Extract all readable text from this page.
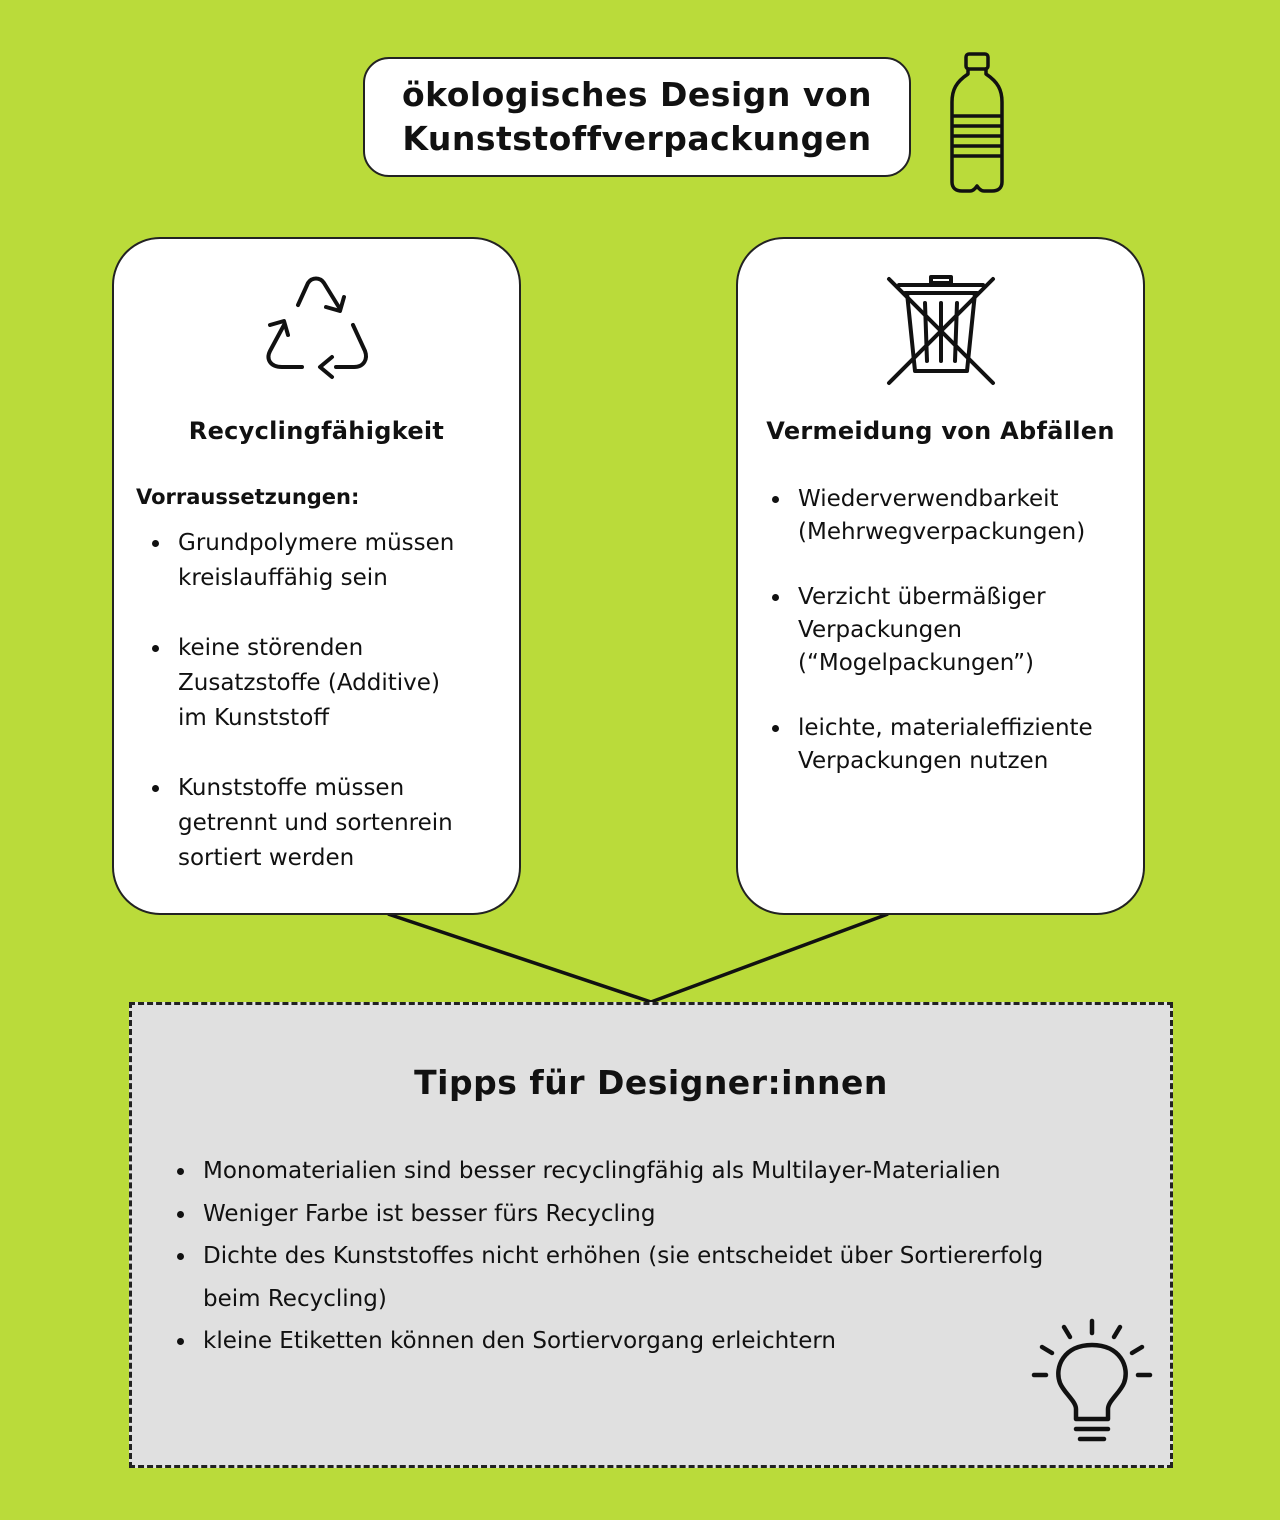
ökologisches Design von
Kunststoffverpackungen
Recyclingfähigkeit

Vorraussetzungen:

Grundpolymere müssen
kreislauffähig sein
keine störenden
Zusatzstoffe (Additive)
im Kunststoff
Kunststoffe müssen
getrennt und sortenrein
sortiert werden
Vermeidung von Abfällen
Wiederverwendbarkeit
(Mehrwegverpackungen)
Verzicht übermäßiger
Verpackungen
(“Mogelpackungen”)
leichte, materialeffiziente
Verpackungen nutzen
Tipps für Designer:innen
Monomaterialien sind besser recyclingfähig als Multilayer-Materialien
Weniger Farbe ist besser fürs Recycling
Dichte des Kunststoffes nicht erhöhen (sie entscheidet über Sortiererfolg
beim Recycling)
kleine Etiketten können den Sortiervorgang erleichtern
